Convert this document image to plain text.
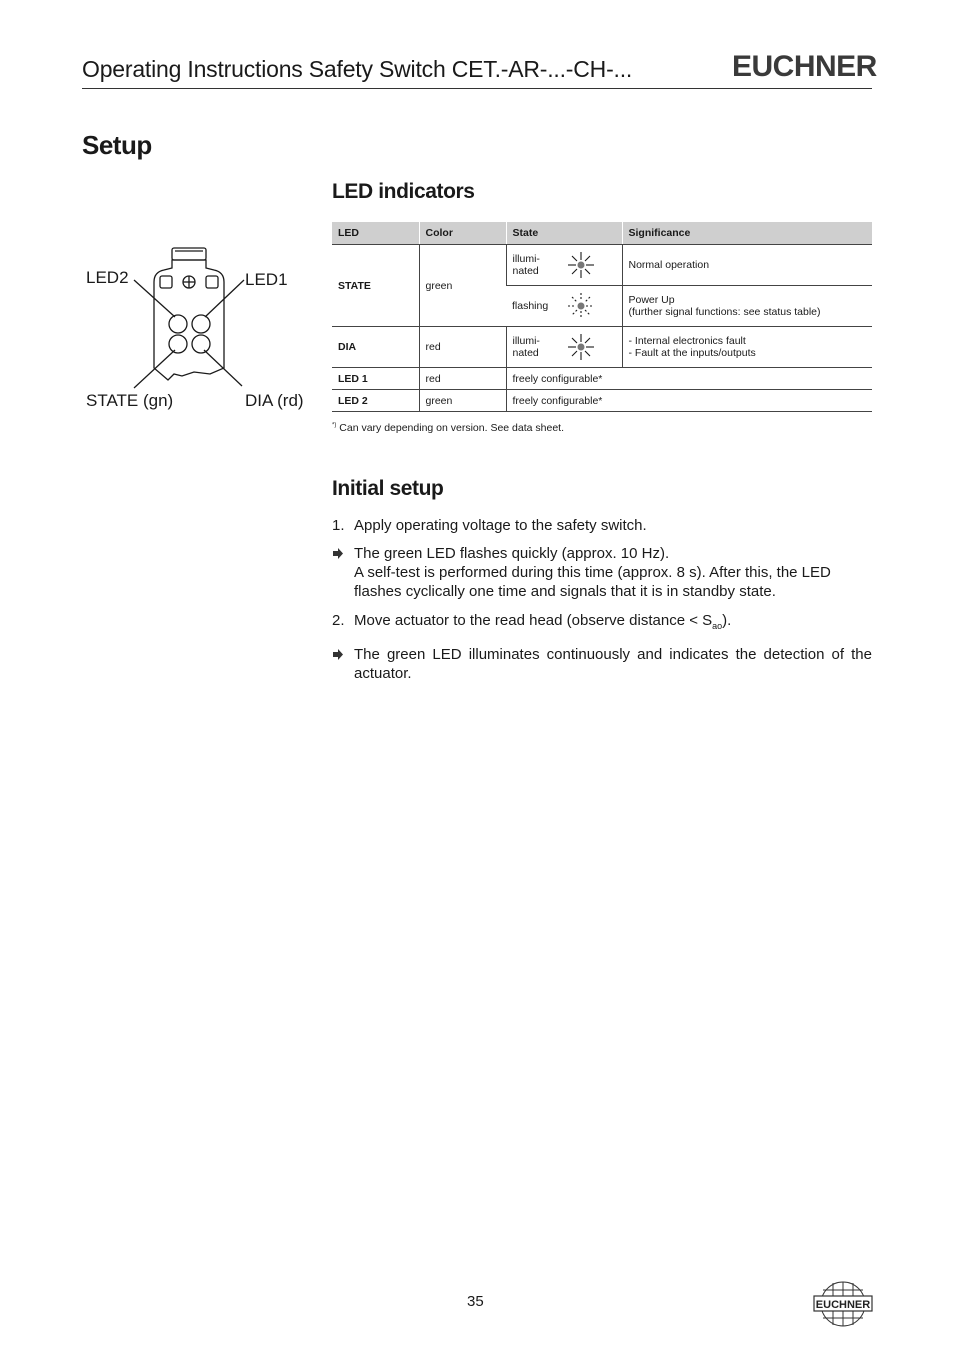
Operating Instructions Safety Switch CET.-AR-...-CH-...	EUCHNER
Setup
LED2	LED1
STATE (gn)	DIA (rd)
LED indicators
LED	Color	State	Significance
STATE	green	illumi-
nated	Normal operation
		flashing	Power Up
(further signal functions: see status table)
DIA	red	illumi-
nated	- Internal electronics fault
- Fault at the inputs/outputs
LED 1	red	freely configurable*	
LED 2	green	freely configurable*	
*) Can vary depending on version. See data sheet.
Initial setup
1. Apply operating voltage to the safety switch.
The green LED flashes quickly (approx. 10 Hz).
A self-test is performed during this time (approx. 8 s). After this, the LED flashes cyclically one time and signals that it is in standby state.
2. Move actuator to the read head (observe distance < $S_{ao}$).
The green LED illuminates continuously and indicates the detection of the actuator.
35	EUCHNER
